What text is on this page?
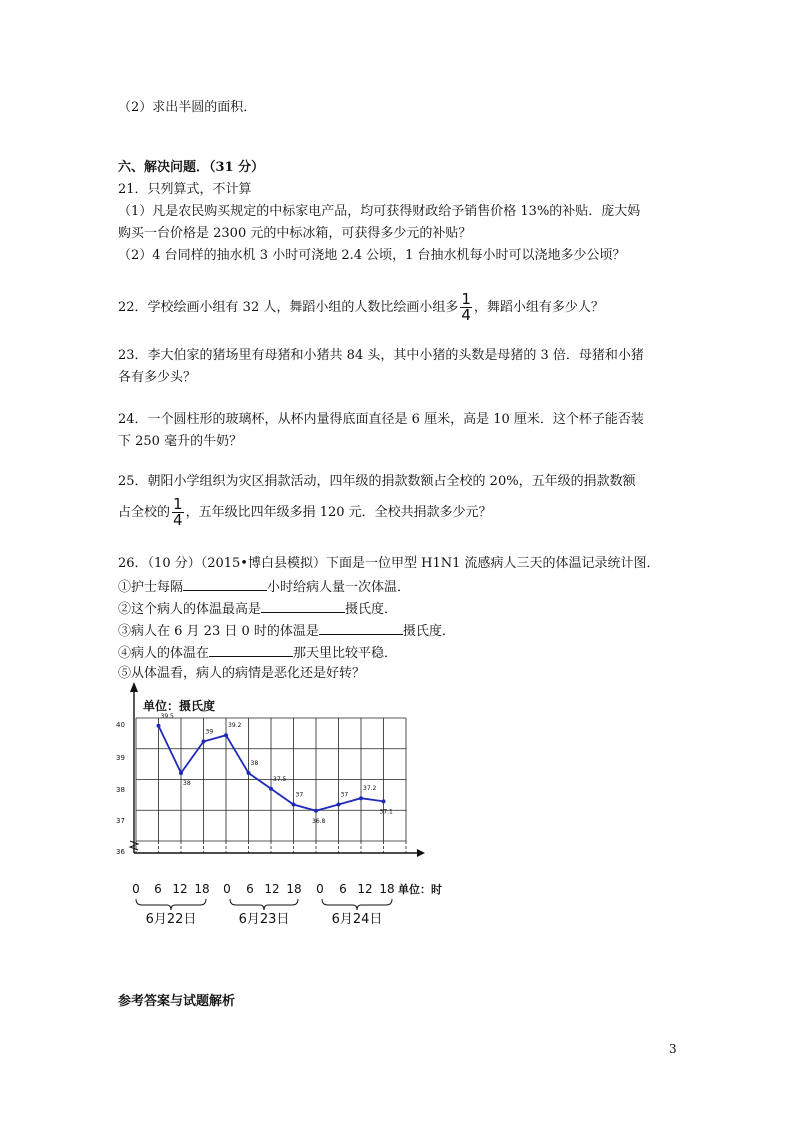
（2）求出半圆的面积．
六、解决问题．（31 分）
21．只列算式，不计算
（1）凡是农民购买规定的中标家电产品，均可获得财政给予销售价格 13%的补贴．庞大妈
购买一台价格是 2300 元的中标冰箱，可获得多少元的补贴？
（2）4 台同样的抽水机 3 小时可浇地 2.4 公顷，1 台抽水机每小时可以浇地多少公顷？
22．学校绘画小组有 32 人，舞蹈小组的人数比绘画小组多 $\frac{1}{4}$ ，舞蹈小组有多少人？
23．李大伯家的猪场里有母猪和小猪共 84 头，其中小猪的头数是母猪的 3 倍．母猪和小猪
各有多少头？
24．一个圆柱形的玻璃杯，从杯内量得底面直径是 6 厘米，高是 10 厘米．这个杯子能否装
下 250 毫升的牛奶？
25．朝阳小学组织为灾区捐款活动，四年级的捐款数额占全校的 20%，五年级的捐款数额
占全校的 $\frac{1}{4}$ ，五年级比四年级多捐 120 元．全校共捐款多少元？
26．（10 分）（2015•博白县模拟）下面是一位甲型 H1N1 流感病人三天的体温记录统计图．
①护士每隔	小时给病人量一次体温．
②这个病人的体温最高是	摄氏度．
③病人在 6 月 23 日 0 时的体温是	摄氏度．
④病人的体温在	那天里比较平稳．
⑤从体温看，病人的病情是恶化还是好转？
36
37
38
39
40
单位：摄氏度
单位：时
0 6 12 18 0 6 12 18 0 6 12 18
6月22日	6月23日	6月24日
39.5
38
39
39.2
38
37.5
37
36.8
37
37.2
37.1
参考答案与试题解析
3
